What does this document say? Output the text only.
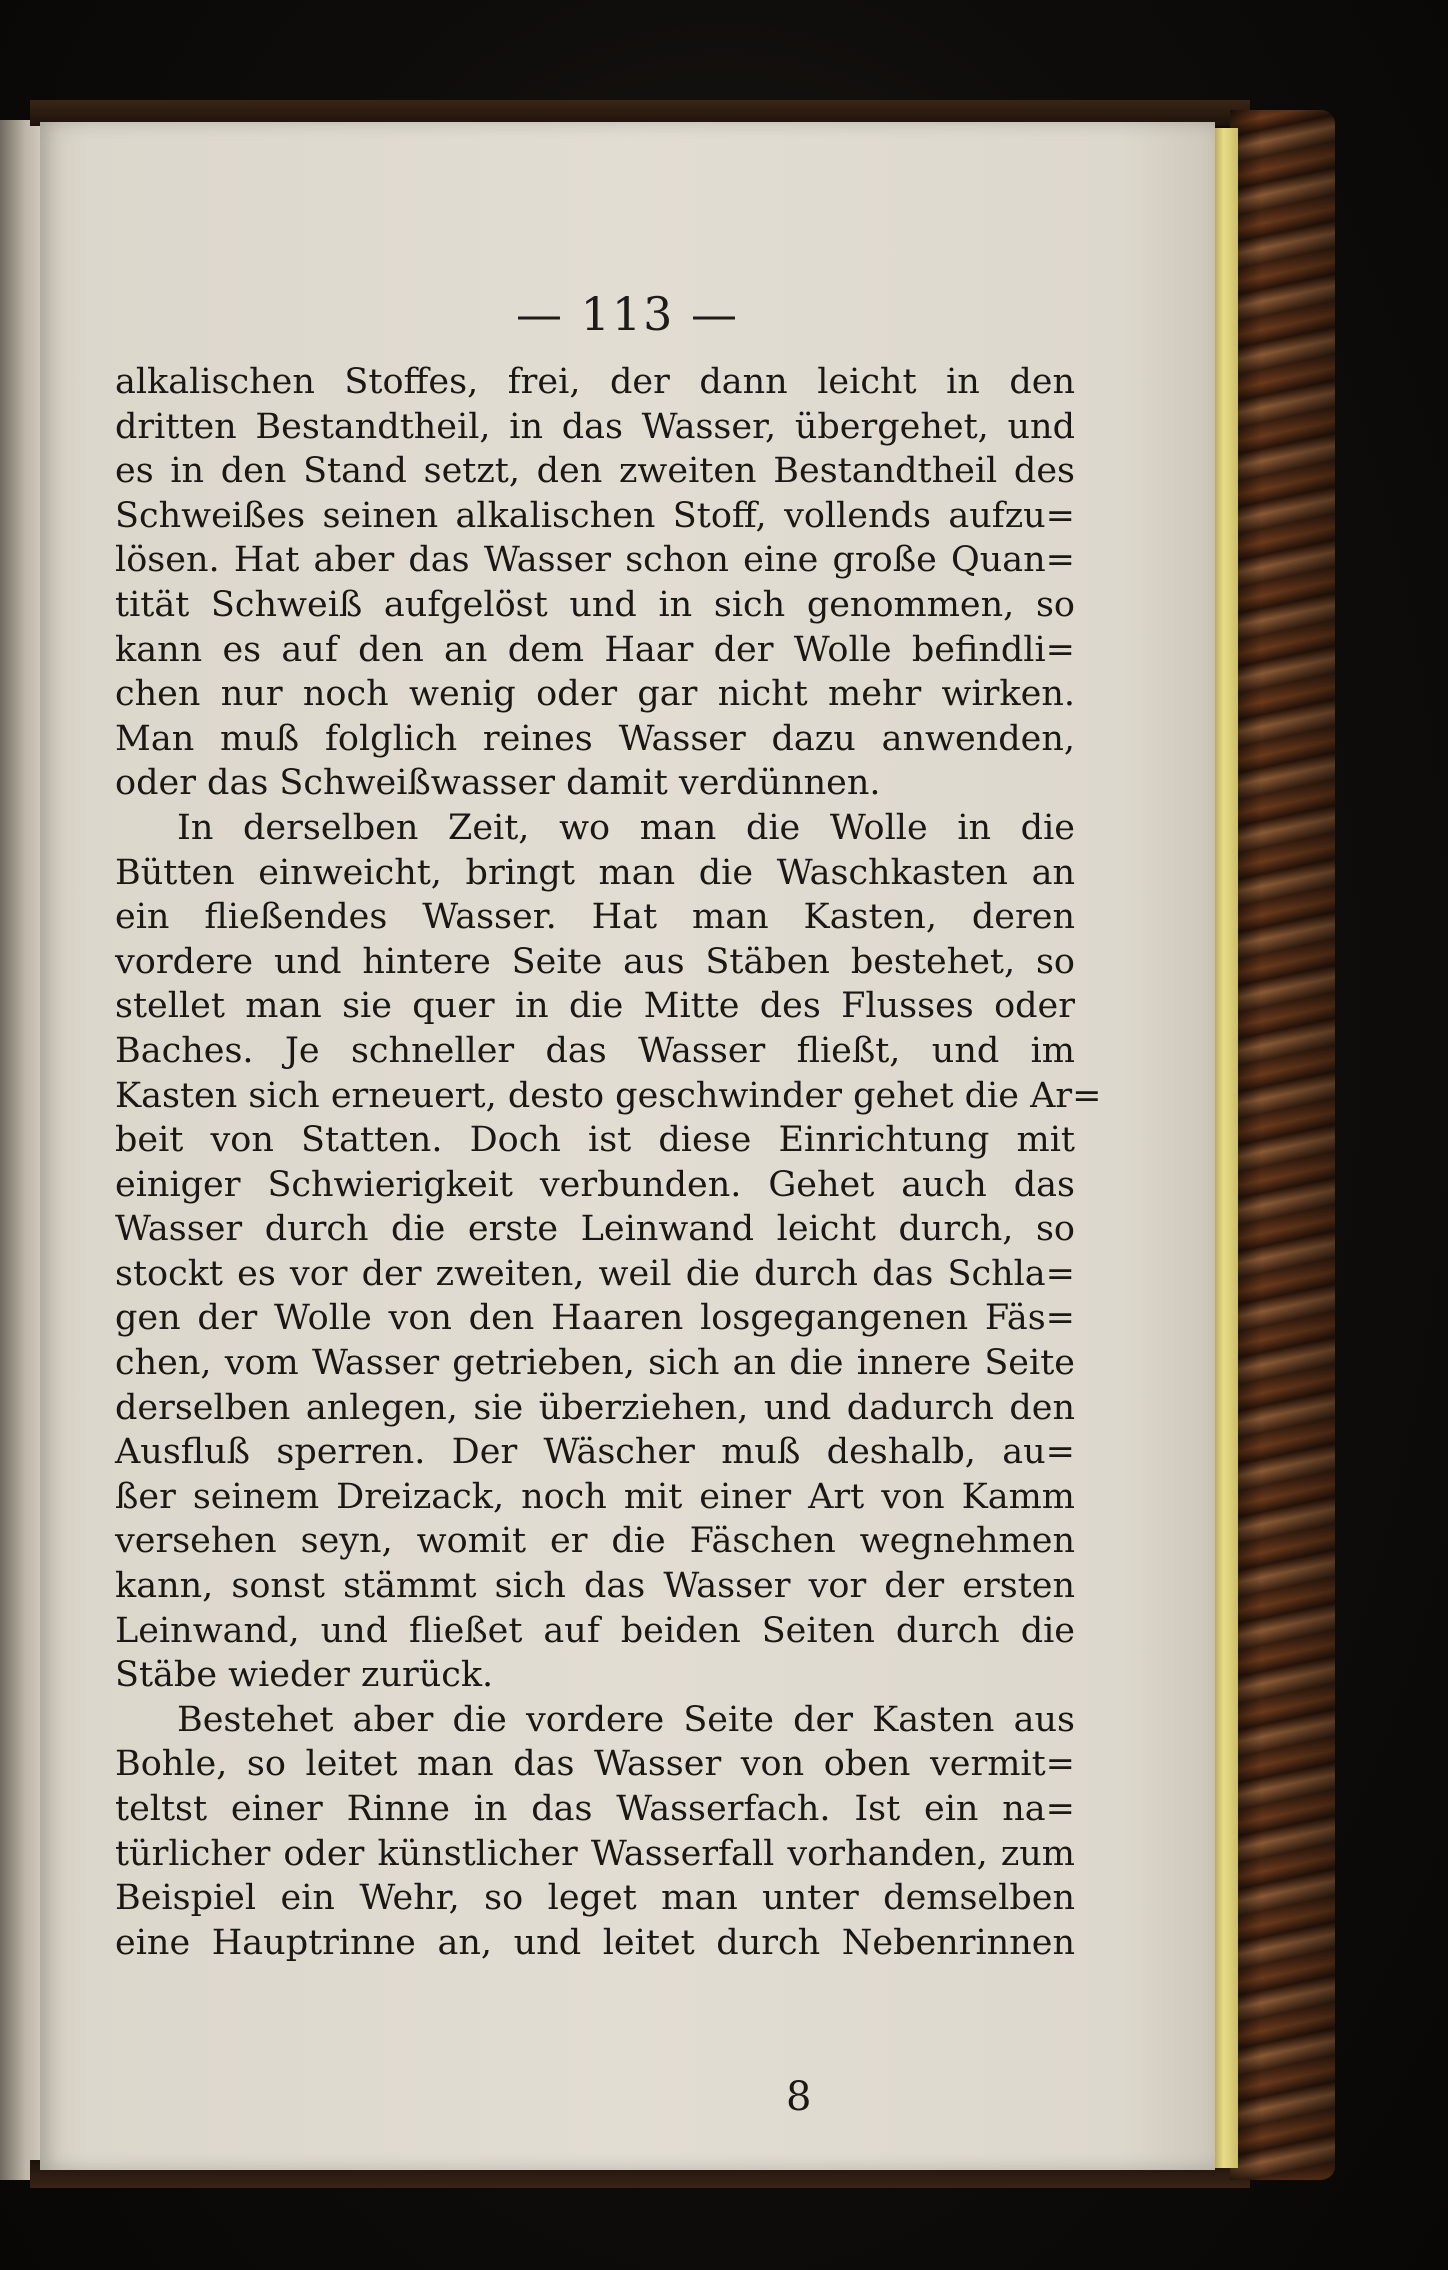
— 113 —
alkalischen Stoffes, frei, der dann leicht in den
dritten Bestandtheil, in das Wasser, übergehet, und
es in den Stand setzt, den zweiten Bestandtheil des
Schweißes seinen alkalischen Stoff, vollends aufzu=
lösen. Hat aber das Wasser schon eine große Quan=
tität Schweiß aufgelöst und in sich genommen, so
kann es auf den an dem Haar der Wolle befindli=
chen nur noch wenig oder gar nicht mehr wirken.
Man muß folglich reines Wasser dazu anwenden,
oder das Schweißwasser damit verdünnen.
In derselben Zeit, wo man die Wolle in die
Bütten einweicht, bringt man die Waschkasten an
ein fließendes Wasser. Hat man Kasten, deren
vordere und hintere Seite aus Stäben bestehet, so
stellet man sie quer in die Mitte des Flusses oder
Baches. Je schneller das Wasser fließt, und im
Kasten sich erneuert, desto geschwinder gehet die Ar=
beit von Statten. Doch ist diese Einrichtung mit
einiger Schwierigkeit verbunden. Gehet auch das
Wasser durch die erste Leinwand leicht durch, so
stockt es vor der zweiten, weil die durch das Schla=
gen der Wolle von den Haaren losgegangenen Fäs=
chen, vom Wasser getrieben, sich an die innere Seite
derselben anlegen, sie überziehen, und dadurch den
Ausfluß sperren. Der Wäscher muß deshalb, au=
ßer seinem Dreizack, noch mit einer Art von Kamm
versehen seyn, womit er die Fäschen wegnehmen
kann, sonst stämmt sich das Wasser vor der ersten
Leinwand, und fließet auf beiden Seiten durch die
Stäbe wieder zurück.
Bestehet aber die vordere Seite der Kasten aus
Bohle, so leitet man das Wasser von oben vermit=
teltst einer Rinne in das Wasserfach. Ist ein na=
türlicher oder künstlicher Wasserfall vorhanden, zum
Beispiel ein Wehr, so leget man unter demselben
eine Hauptrinne an, und leitet durch Nebenrinnen
8
